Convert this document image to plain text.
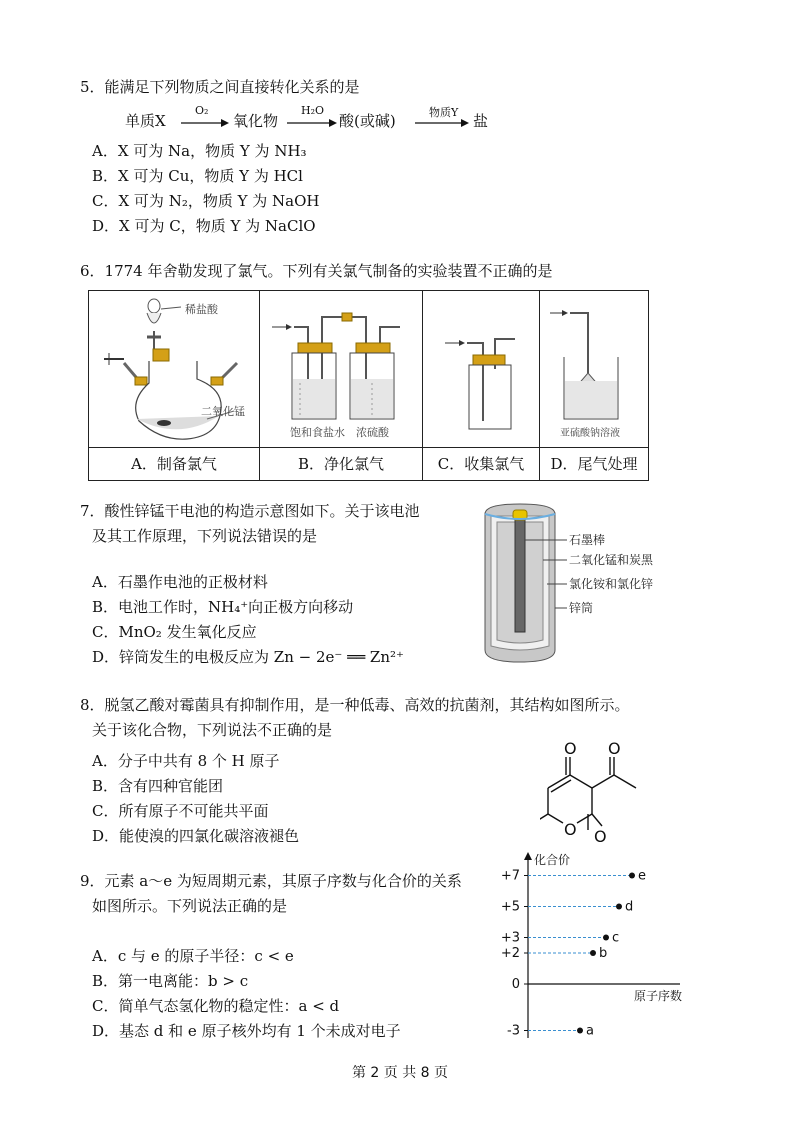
5．能满足下列物质之间直接转化关系的是
单质X
O₂
氧化物
H₂O
酸(或碱)	物质Y 盐
A．X 可为 Na，物质 Y 为 NH₃
B．X 可为 Cu，物质 Y 为 HCl
C．X 可为 N₂，物质 Y 为 NaOH
D．X 可为 C，物质 Y 为 NaClO
6．1774 年舍勒发现了氯气。下列有关氯气制备的实验装置不正确的是
稀盐酸
二氧化锰	饱和食盐水 浓硫酸		亚硫酸钠溶液

A．制备氯气	B．净化氯气	C．收集氯气	D．尾气处理
7．酸性锌锰干电池的构造示意图如下。关于该电池
及其工作原理，下列说法错误的是
A．石墨作电池的正极材料
B．电池工作时，NH₄⁺向正极方向移动
C．MnO₂ 发生氧化反应
D．锌筒发生的电极反应为 Zn − 2e⁻ ══ Zn²⁺
石墨棒
二氧化锰和炭黑
氯化铵和氯化锌
锌筒
8．脱氢乙酸对霉菌具有抑制作用，是一种低毒、高效的抗菌剂，其结构如图所示。
关于该化合物，下列说法不正确的是
A．分子中共有 8 个 H 原子
B．含有四种官能团
C．所有原子不可能共平面
D．能使溴的四氯化碳溶液褪色
O O
O O
9．元素 a～e 为短周期元素，其原子序数与化合价的关系
如图所示。下列说法正确的是
A．c 与 e 的原子半径：c < e
B．第一电离能：b > c
C．简单气态氢化物的稳定性：a < d
D．基态 d 和 e 原子核外均有 1 个未成对电子
化合价
原子序数
+7
+5
+3
+2
0
-3	a
b
c
d
e
第 2 页 共 8 页
